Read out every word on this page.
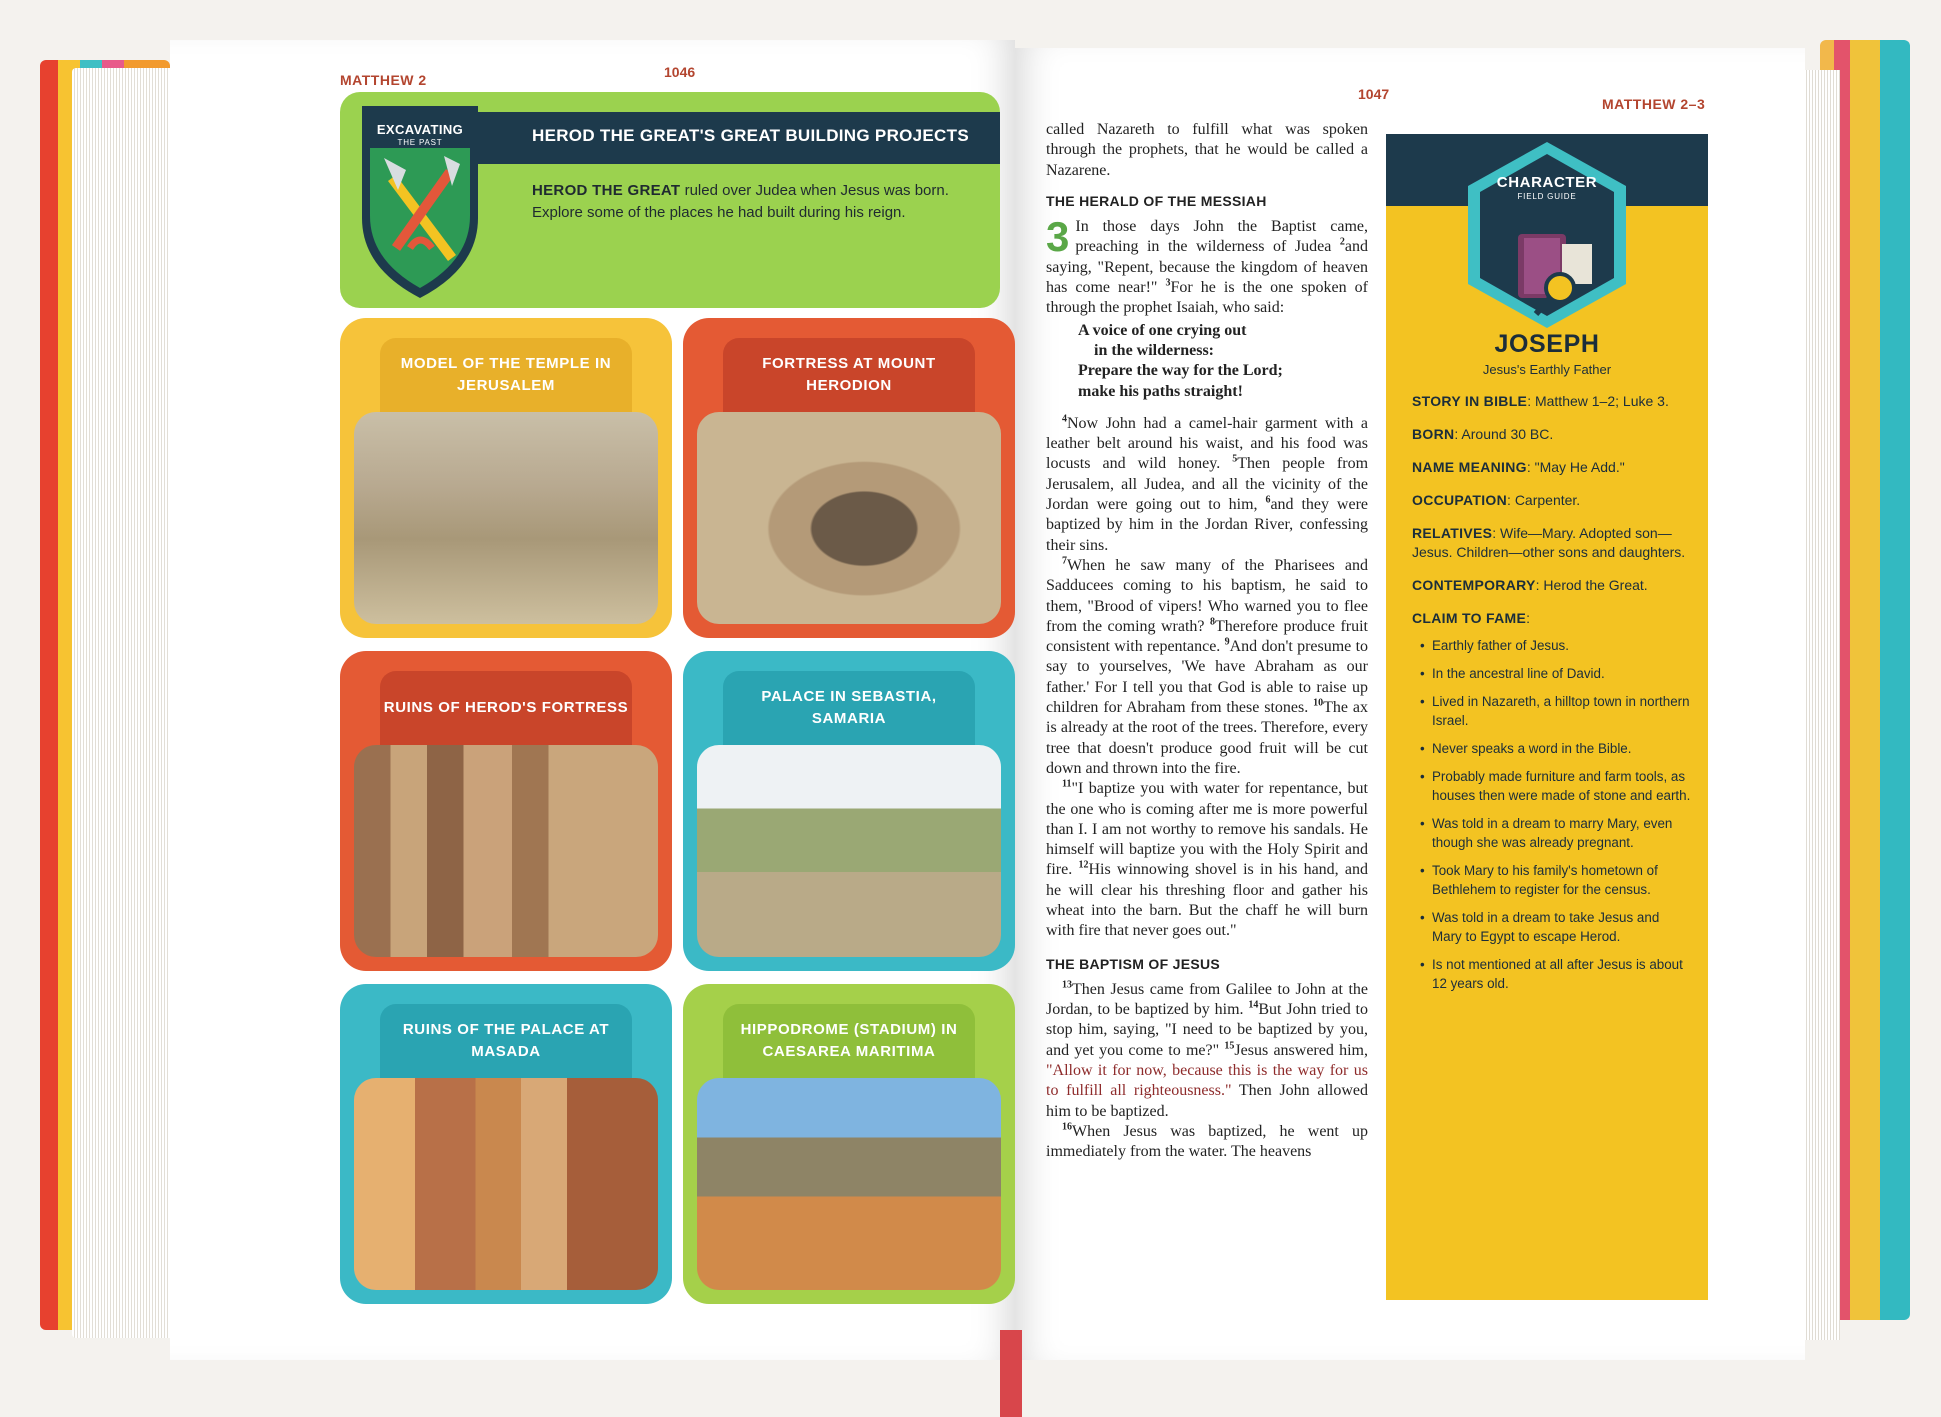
MATTHEW 2	1046
HEROD THE GREAT'S GREAT BUILDING PROJECTS
HEROD THE GREAT ruled over Judea when Jesus was born. Explore some of the places he had built during his reign.
EXCAVATING
THE PAST
MODEL OF THE TEMPLE IN JERUSALEM
FORTRESS AT MOUNT HERODION
RUINS OF HEROD'S FORTRESS
PALACE IN SEBASTIA, SAMARIA
RUINS OF THE PALACE AT MASADA
HIPPODROME (STADIUM) IN CAESAREA MARITIMA
1047
MATTHEW 2–3

called Nazareth to fulfill what was spoken through the prophets, that he would be called a Nazarene.

THE HERALD OF THE MESSIAH

3 In those days John the Baptist came, preaching in the wilderness of Judea $^2$and saying, "Repent, because the kingdom of heaven has come near!" $^3$For he is the one spoken of through the prophet Isaiah, who said:

A voice of one crying out
in the wilderness:
Prepare the way for the Lord;
make his paths straight!

$^4$Now John had a camel-hair garment with a leather belt around his waist, and his food was locusts and wild honey. $^5$Then people from Jerusalem, all Judea, and all the vicinity of the Jordan were going out to him, $^6$and they were baptized by him in the Jordan River, confessing their sins.

$^7$When he saw many of the Pharisees and Sadducees coming to his baptism, he said to them, "Brood of vipers! Who warned you to flee from the coming wrath? $^8$Therefore produce fruit consistent with repentance. $^9$And don't presume to say to yourselves, 'We have Abraham as our father.' For I tell you that God is able to raise up children for Abraham from these stones. $^{10}$The ax is already at the root of the trees. Therefore, every tree that doesn't produce good fruit will be cut down and thrown into the fire.

$^{11}$"I baptize you with water for repentance, but the one who is coming after me is more powerful than I. I am not worthy to remove his sandals. He himself will baptize you with the Holy Spirit and fire. $^{12}$His winnowing shovel is in his hand, and he will clear his threshing floor and gather his wheat into the barn. But the chaff he will burn with fire that never goes out."

THE BAPTISM OF JESUS

$^{13}$Then Jesus came from Galilee to John at the Jordan, to be baptized by him. $^{14}$But John tried to stop him, saying, "I need to be baptized by you, and yet you come to me?" $^{15}$Jesus answered him, "Allow it for now, because this is the way for us to fulfill all righteousness." Then John allowed him to be baptized.

$^{16}$When Jesus was baptized, he went up immediately from the water. The heavens

CHARACTER
FIELD GUIDE
JOSEPH
Jesus's Earthly Father
STORY IN BIBLE: Matthew 1–2; Luke 3.
BORN: Around 30 BC.
NAME MEANING: "May He Add."
OCCUPATION: Carpenter.
RELATIVES: Wife—Mary. Adopted son—Jesus. Children—other sons and daughters.
CONTEMPORARY: Herod the Great.
CLAIM TO FAME:
• Earthly father of Jesus.
• In the ancestral line of David.
• Lived in Nazareth, a hilltop town in northern Israel.
• Never speaks a word in the Bible.
• Probably made furniture and farm tools, as houses then were made of stone and earth.
• Was told in a dream to marry Mary, even though she was already pregnant.
• Took Mary to his family's hometown of Bethlehem to register for the census.
• Was told in a dream to take Jesus and Mary to Egypt to escape Herod.
• Is not mentioned at all after Jesus is about 12 years old.
